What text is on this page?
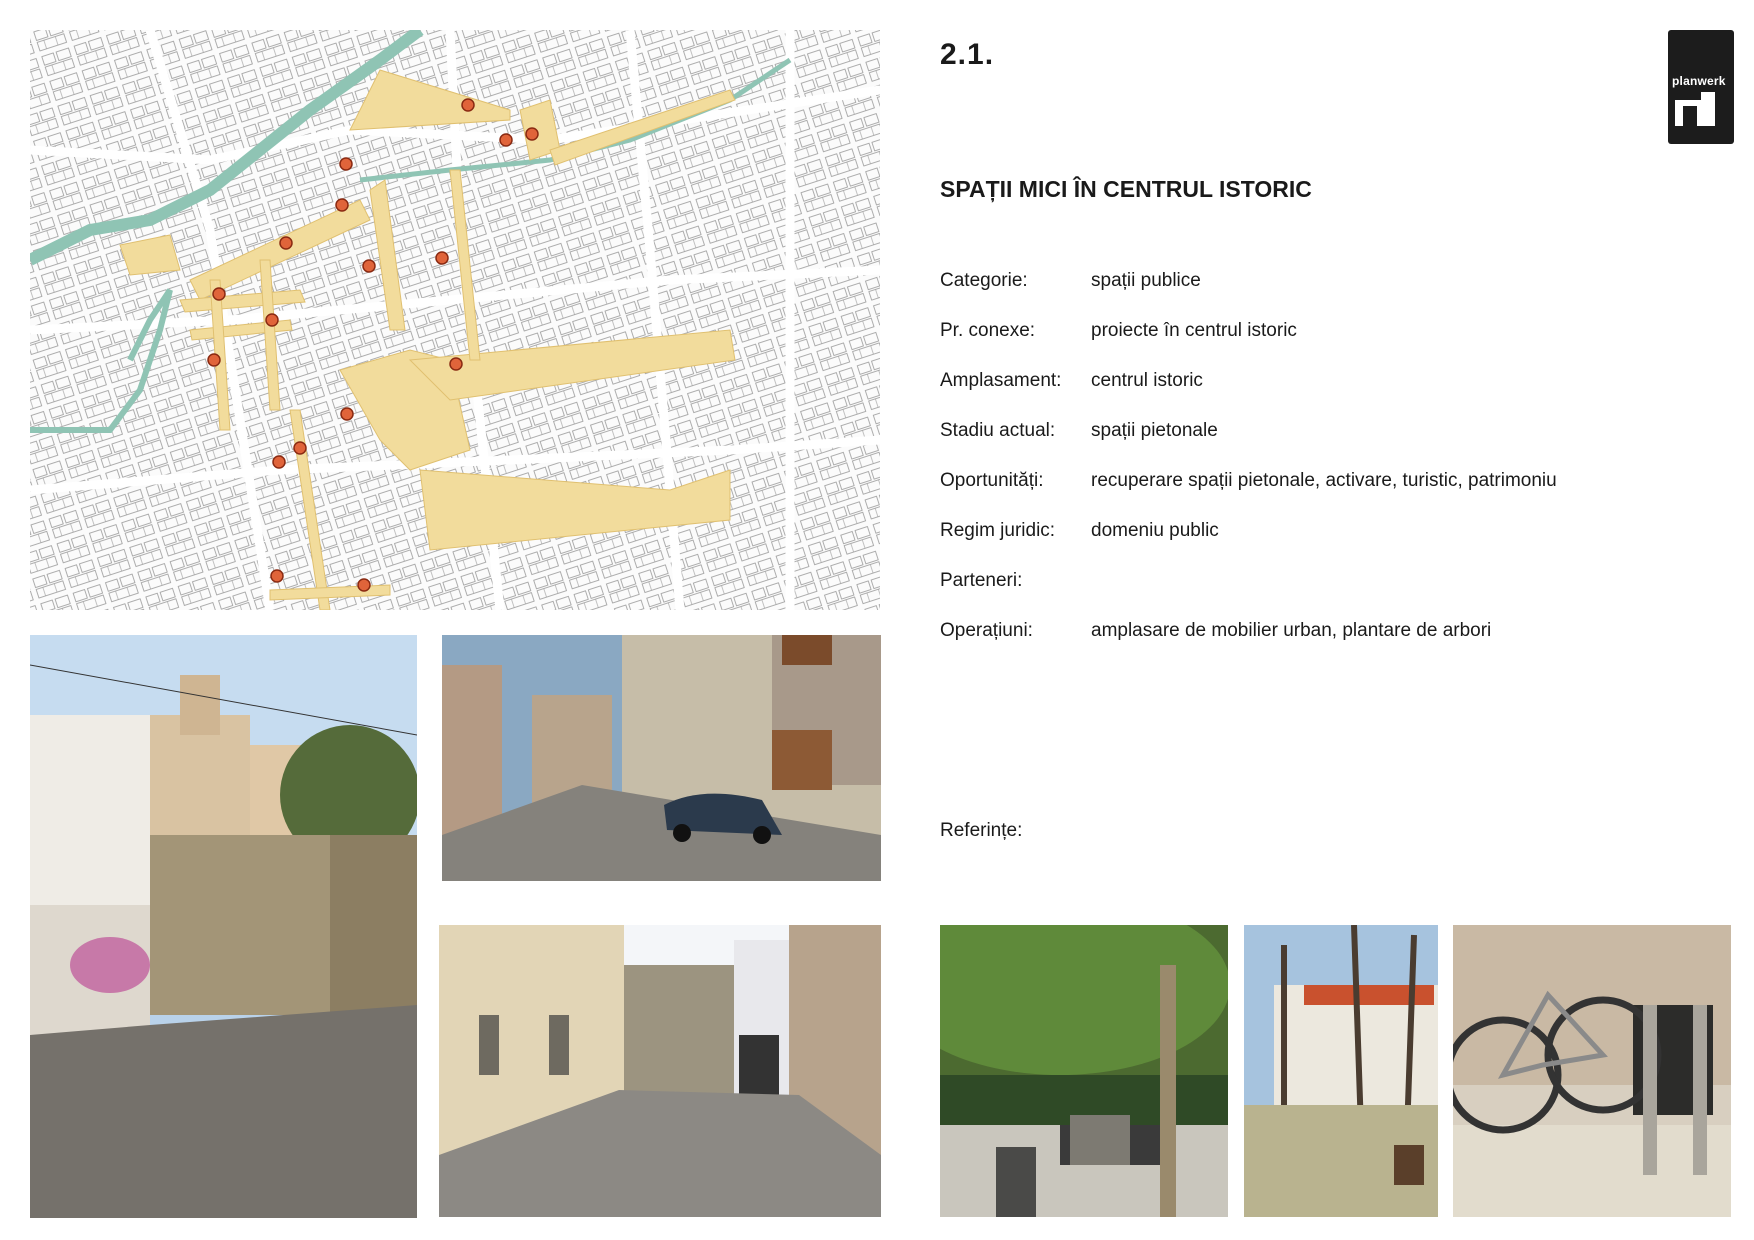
2.1.
planwerk
SPAȚII MICI ÎN CENTRUL ISTORIC
Categorie:	spații publice
Pr. conexe:	proiecte în centrul istoric
Amplasament: centrul istoric
Stadiu actual: spații pietonale
Oportunități:	recuperare spații pietonale, activare, turistic, patrimoniu
Regim juridic: domeniu public
Parteneri:
Operațiuni:	amplasare de mobilier urban, plantare de arbori
Referințe:
